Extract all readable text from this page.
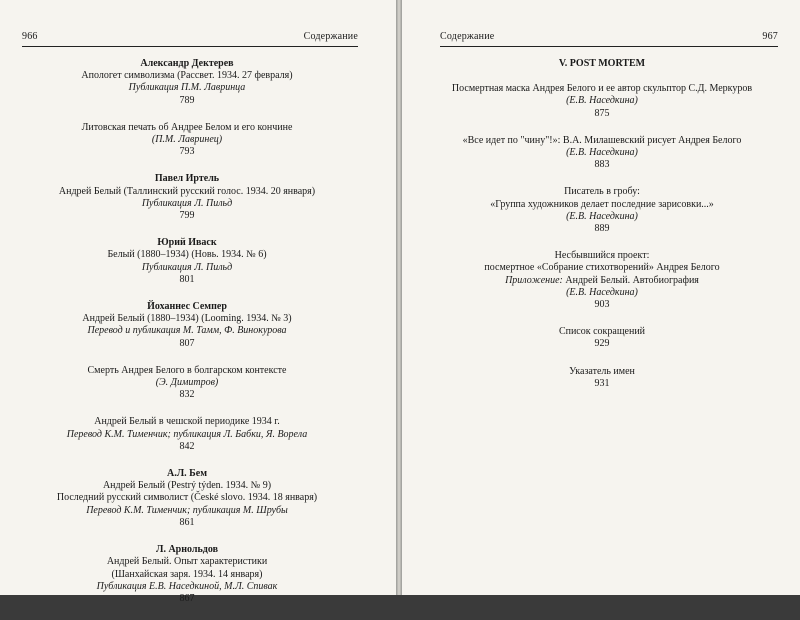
966	Содержание
Александр Дектерев
Апологет символизма (Рассвет. 1934. 27 февраля)
Публикация П.М. Лавринца
789
Литовская печать об Андрее Белом и его кончине
(П.М. Лавринец)
793
Павел Иртель
Андрей Белый (Таллинский русский голос. 1934. 20 января)
Публикация Л. Пильд
799
Юрий Иваск
Белый (1880–1934) (Новь. 1934. № 6)
Публикация Л. Пильд
801
Йоханнес Семпер
Андрей Белый (1880–1934) (Looming. 1934. № 3)
Перевод и публикация М. Тамм, Ф. Винокурова
807
Смерть Андрея Белого в болгарском контексте
(Э. Димитров)
832
Андрей Белый в чешской периодике 1934 г.
Перевод К.М. Тименчик; публикация Л. Бабки, Я. Ворела
842
А.Л. Бем
Андрей Белый (Pestrý týden. 1934. № 9)
Последний русский символист (České slovo. 1934. 18 января)
Перевод К.М. Тименчик; публикация М. Шрубы
861
Л. Арнольдов
Андрей Белый. Опыт характеристики
(Шанхайская заря. 1934. 14 января)
Публикация Е.В. Наседкиной, М.Л. Спивак
867
Содержание	967
V. POST MORTEM
Посмертная маска Андрея Белого и ее автор скульптор С.Д. Меркуров
(Е.В. Наседкина)
875
«Все идет по "чину"!»: В.А. Милашевский рисует Андрея Белого
(Е.В. Наседкина)
883
Писатель в гробу:
«Группа художников делает последние зарисовки...»
(Е.В. Наседкина)
889
Несбывшийся проект:
посмертное «Собрание стихотворений» Андрея Белого
Приложение: Андрей Белый. Автобиография
(Е.В. Наседкина)
903
Список сокращений
929
Указатель имен
931
